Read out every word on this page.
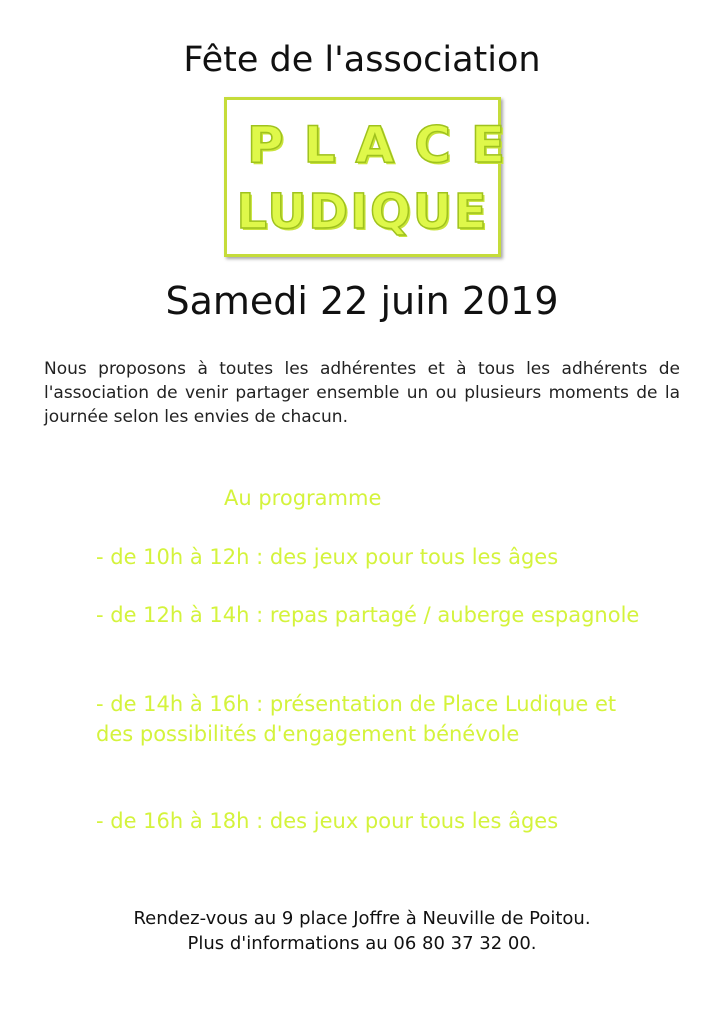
Fête de l'association
PLACE
LUDIQUE
Samedi 22 juin 2019
Nous proposons à toutes les adhérentes et à tous les adhérents de l'association de venir partager ensemble un ou plusieurs moments de la journée selon les envies de chacun.
Au programme
- de 10h à 12h : des jeux pour tous les âges
- de 12h à 14h : repas partagé / auberge espagnole
- de 14h à 16h : présentation de Place Ludique et des possibilités d'engagement bénévole
- de 16h à 18h : des jeux pour tous les âges
Rendez-vous au 9 place Joffre à Neuville de Poitou.
Plus d'informations au 06 80 37 32 00.
